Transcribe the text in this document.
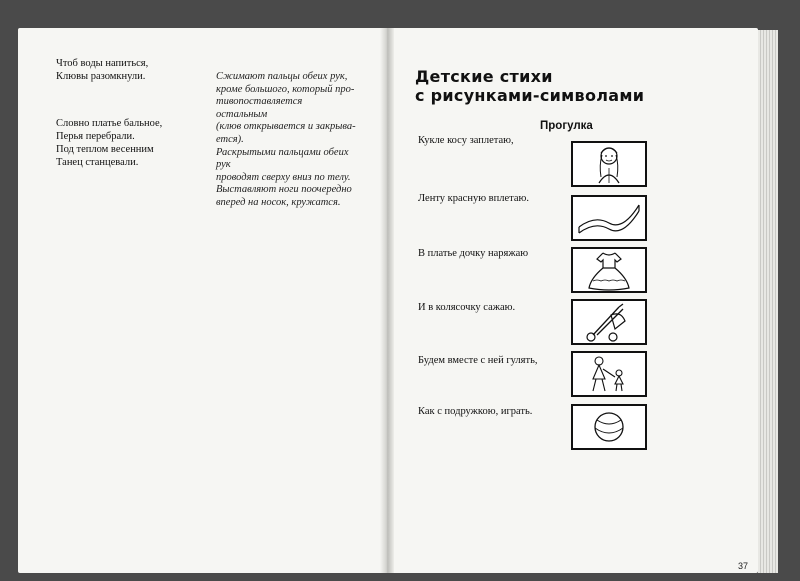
Чтоб воды напиться,
Клювы разомкнули.
Словно платье бальное,
Перья перебрали.
Под теплом весенним
Танец станцевали.

Сжимают пальцы обеих рук,

кроме большого, который про-

тивопоставляется остальным

(клюв открывается и закрыва-

ется).

Раскрытыми пальцами обеих рук

проводят сверху вниз по телу.

Выставляют ноги поочередно

вперед на носок, кружатся.

Детские стихи
с рисунками-символами
Прогулка
Кукле косу заплетаю,
Ленту красную вплетаю.
В платье дочку наряжаю
И в колясочку сажаю.
Будем вместе с ней гулять,
Как с подружкою, играть.
37
